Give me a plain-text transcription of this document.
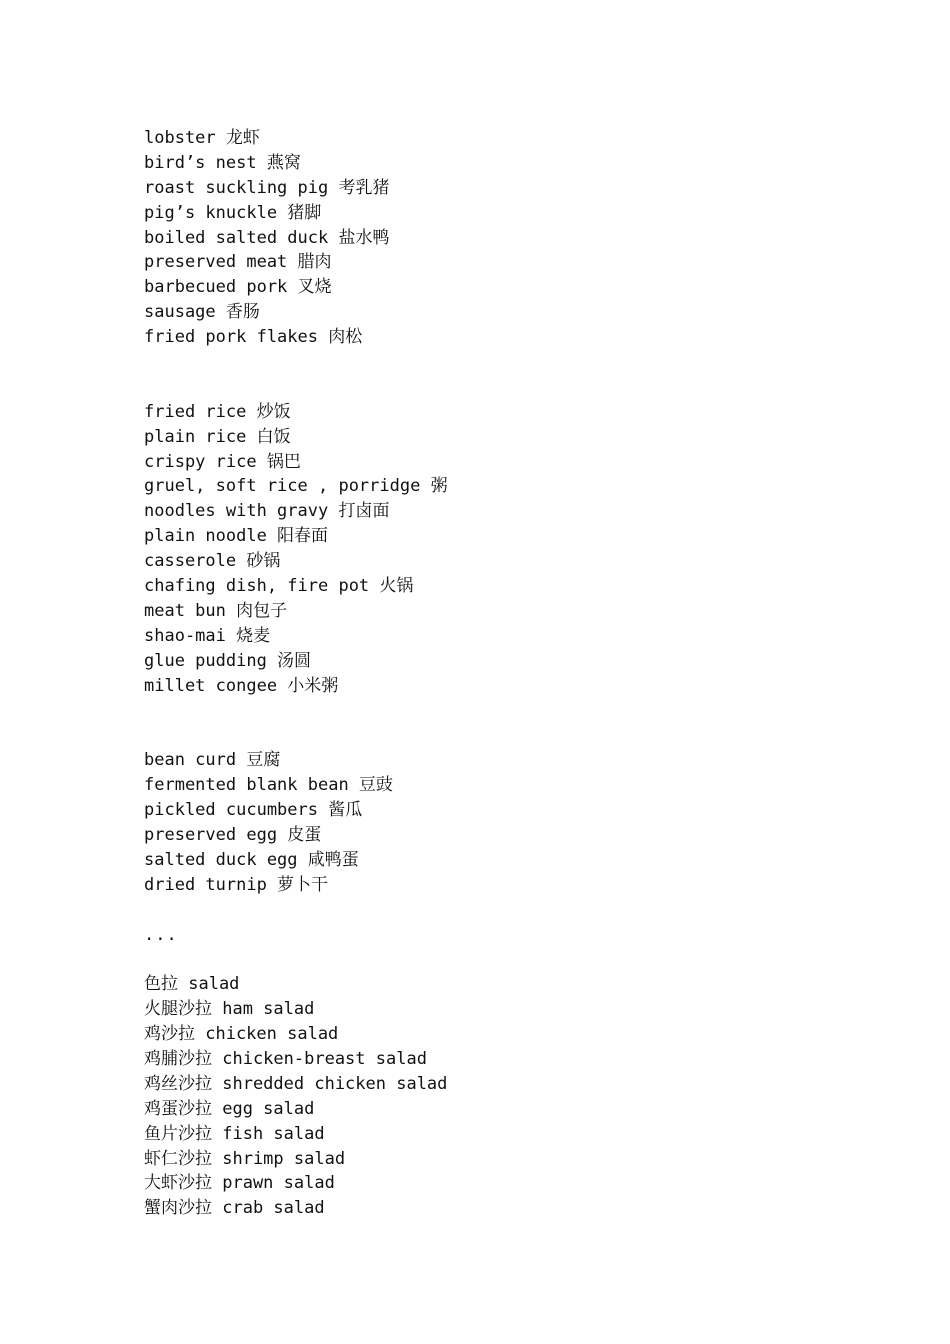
lobster 龙虾
bird’s nest 燕窝
roast suckling pig 考乳猪
pig’s knuckle 猪脚
boiled salted duck 盐水鸭
preserved meat 腊肉
barbecued pork 叉烧
sausage 香肠
fried pork flakes 肉松
fried rice 炒饭
plain rice 白饭
crispy rice 锅巴
gruel, soft rice , porridge 粥
noodles with gravy 打卤面
plain noodle 阳春面
casserole 砂锅
chafing dish, fire pot 火锅
meat bun 肉包子
shao-mai 烧麦
glue pudding 汤圆
millet congee 小米粥
bean curd 豆腐
fermented blank bean 豆豉
pickled cucumbers 酱瓜
preserved egg 皮蛋
salted duck egg 咸鸭蛋
dried turnip 萝卜干
...
色拉 salad
火腿沙拉 ham salad
鸡沙拉 chicken salad
鸡脯沙拉 chicken-breast salad
鸡丝沙拉 shredded chicken salad
鸡蛋沙拉 egg salad
鱼片沙拉 fish salad
虾仁沙拉 shrimp salad
大虾沙拉 prawn salad
蟹肉沙拉 crab salad
